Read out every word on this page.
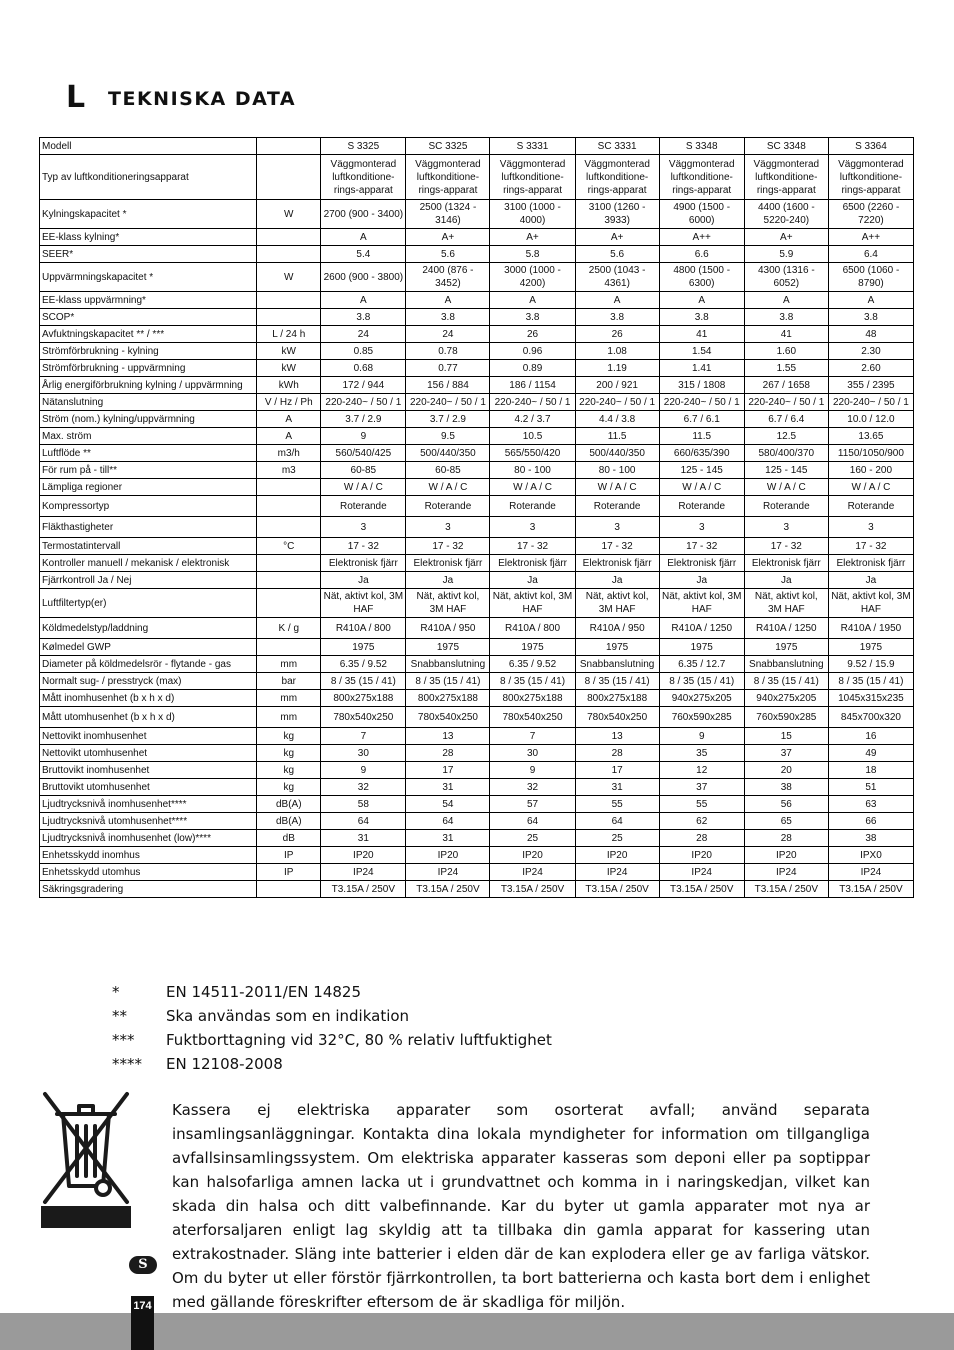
L TEKNISKA DATA
Modell		S 3325	SC 3325	S 3331	SC 3331	S 3348	SC 3348	S 3364
Typ av luftkonditioneringsapparat		Väggmonterad luftkonditione-rings-apparat	Väggmonterad luftkonditione-rings-apparat	Väggmonterad luftkonditione-rings-apparat	Väggmonterad luftkonditione-rings-apparat	Väggmonterad luftkonditione-rings-apparat	Väggmonterad luftkonditione-rings-apparat	Väggmonterad luftkonditione-rings-apparat
Kylningskapacitet *	W	2700 (900 - 3400)	2500 (1324 - 3146)	3100 (1000 - 4000)	3100 (1260 - 3933)	4900 (1500 - 6000)	4400 (1600 - 5220-240)	6500 (2260 - 7220)
EE-klass kylning*		A	A+	A+	A+	A++	A+	A++
SEER*		5.4	5.6	5.8	5.6	6.6	5.9	6.4
Uppvärmningskapacitet *	W	2600 (900 - 3800)	2400 (876 - 3452)	3000 (1000 - 4200)	2500 (1043 - 4361)	4800 (1500 - 6300)	4300 (1316 - 6052)	6500 (1060 - 8790)
EE-klass uppvärmning*		A	A	A	A	A	A	A
SCOP*		3.8	3.8	3.8	3.8	3.8	3.8	3.8
Avfuktningskapacitet ** / ***	L / 24 h	24	24	26	26	41	41	48
Strömförbrukning - kylning	kW	0.85	0.78	0.96	1.08	1.54	1.60	2.30
Strömförbrukning - uppvärmning	kW	0.68	0.77	0.89	1.19	1.41	1.55	2.60
Årlig energiförbrukning kylning / uppvärmning	kWh	172 / 944	156 / 884	186 / 1154	200 / 921	315 / 1808	267 / 1658	355 / 2395
Nätanslutning	V / Hz / Ph	220-240~ / 50 / 1	220-240~ / 50 / 1	220-240~ / 50 / 1	220-240~ / 50 / 1	220-240~ / 50 / 1	220-240~ / 50 / 1	220-240~ / 50 / 1
Ström (nom.) kylning/uppvärmning	A	3.7 / 2.9	3.7 / 2.9	4.2 / 3.7	4.4 / 3.8	6.7 / 6.1	6.7 / 6.4	10.0 / 12.0
Max. ström	A	9	9.5	10.5	11.5	11.5	12.5	13.65
Luftflöde **	m3/h	560/540/425	500/440/350	565/550/420	500/440/350	660/635/390	580/400/370	1150/1050/900
För rum på - till**	m3	60-85	60-85	80 - 100	80 - 100	125 - 145	125 - 145	160 - 200
Lämpliga regioner		W / A / C	W / A / C	W / A / C	W / A / C	W / A / C	W / A / C	W / A / C
Kompressortyp		Roterande	Roterande	Roterande	Roterande	Roterande	Roterande	Roterande
Fläkthastigheter		3	3	3	3	3	3	3
Termostatintervall	°C	17 - 32	17 - 32	17 - 32	17 - 32	17 - 32	17 - 32	17 - 32
Kontroller manuell / mekanisk / elektronisk		Elektronisk fjärr	Elektronisk fjärr	Elektronisk fjärr	Elektronisk fjärr	Elektronisk fjärr	Elektronisk fjärr	Elektronisk fjärr
Fjärrkontroll Ja / Nej		Ja	Ja	Ja	Ja	Ja	Ja	Ja
Luftfiltertyp(er)		Nät, aktivt kol, 3M HAF	Nät, aktivt kol, 3M HAF	Nät, aktivt kol, 3M HAF	Nät, aktivt kol, 3M HAF	Nät, aktivt kol, 3M HAF	Nät, aktivt kol, 3M HAF	Nät, aktivt kol, 3M HAF
Köldmedelstyp/laddning	K / g	R410A / 800	R410A / 950	R410A / 800	R410A / 950	R410A / 1250	R410A / 1250	R410A / 1950
Kølmedel GWP		1975	1975	1975	1975	1975	1975	1975
Diameter på köldmedelsrör - flytande - gas	mm	6.35 / 9.52	Snabbanslutning	6.35 / 9.52	Snabbanslutning	6.35 / 12.7	Snabbanslutning	9.52 / 15.9
Normalt sug- / presstryck (max)	bar	8 / 35 (15 / 41)	8 / 35 (15 / 41)	8 / 35 (15 / 41)	8 / 35 (15 / 41)	8 / 35 (15 / 41)	8 / 35 (15 / 41)	8 / 35 (15 / 41)
Mått inomhusenhet (b x h x d)	mm	800x275x188	800x275x188	800x275x188	800x275x188	940x275x205	940x275x205	1045x315x235
Mått utomhusenhet (b x h x d)	mm	780x540x250	780x540x250	780x540x250	780x540x250	760x590x285	760x590x285	845x700x320
Nettovikt inomhusenhet	kg	7	13	7	13	9	15	16
Nettovikt utomhusenhet	kg	30	28	30	28	35	37	49
Bruttovikt inomhusenhet	kg	9	17	9	17	12	20	18
Bruttovikt utomhusenhet	kg	32	31	32	31	37	38	51
Ljudtrycksnivå inomhusenhet****	dB(A)	58	54	57	55	55	56	63
Ljudtrycksnivå utomhusenhet****	dB(A)	64	64	64	64	62	65	66
Ljudtrycksnivå inomhusenhet (low)****	dB	31	31	25	25	28	28	38
Enhetsskydd inomhus	IP	IP20	IP20	IP20	IP20	IP20	IP20	IPX0
Enhetsskydd utomhus	IP	IP24	IP24	IP24	IP24	IP24	IP24	IP24
Säkringsgradering		T3.15A / 250V	T3.15A / 250V	T3.15A / 250V	T3.15A / 250V	T3.15A / 250V	T3.15A / 250V	T3.15A / 250V
*	EN 14511-2011/EN 14825
**	Ska användas som en indikation
***	Fuktborttagning vid 32°C, 80 % relativ luftfuktighet
****	EN 12108-2008

Kassera ej elektriska apparater som osorterat avfall; använd separata insamlingsanläggningar. Kontakta dina lokala myndigheter for information om tillgangliga avfallsinsamlingssystem. Om elektriska apparater kasseras som deponi eller pa soptippar kan halsofarliga amnen lacka ut i grundvattnet och komma in i naringskedjan, vilket kan skada din halsa och ditt valbefinnande. Kar du byter ut gamla apparater mot nya ar aterforsaljaren enligt lag skyldig att ta tillbaka din gamla apparat for kassering utan extrakostnader. Släng inte batterier i elden där de kan explodera eller ge av farliga vätskor. Om du byter ut eller förstör fjärrkontrollen, ta bort batterierna och kasta bort dem i enlighet med gällande föreskrifter eftersom de är skadliga för miljön.

S
174
